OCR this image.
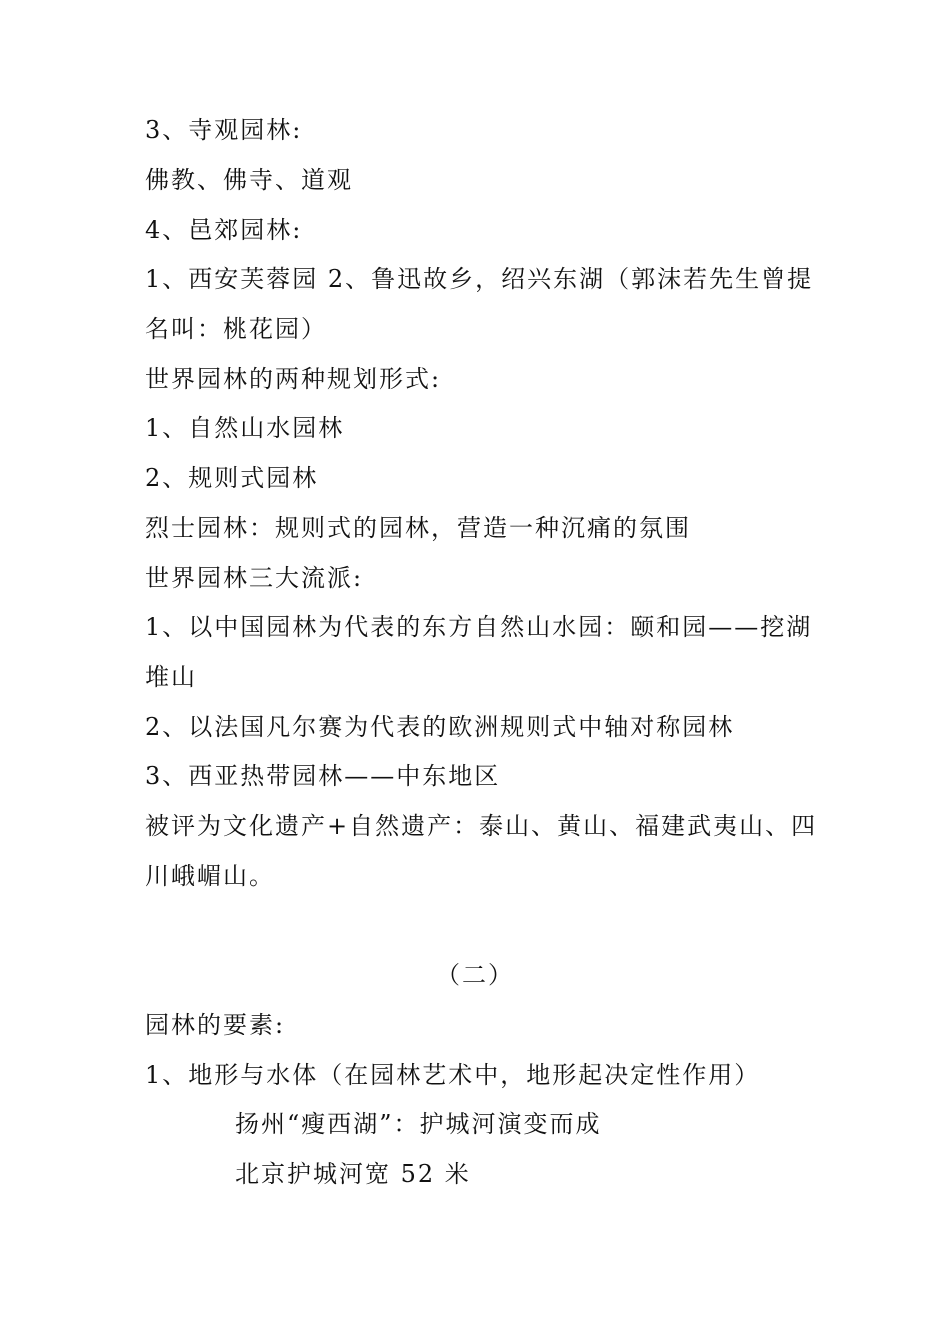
3、寺观园林:
佛教、佛寺、道观
4、邑郊园林:
1、西安芙蓉园 2、鲁迅故乡，绍兴东湖（郭沫若先生曾提
名叫：桃花园）
世界园林的两种规划形式:
1、自然山水园林
2、规则式园林
烈士园林：规则式的园林，营造一种沉痛的氛围
世界园林三大流派:
1、以中国园林为代表的东方自然山水园：颐和园——挖湖
堆山
2、以法国凡尔赛为代表的欧洲规则式中轴对称园林
3、西亚热带园林——中东地区
被评为文化遗产+自然遗产：泰山、黄山、福建武夷山、四
川峨嵋山。
（二）
园林的要素:
1、地形与水体（在园林艺术中，地形起决定性作用）
扬州“瘦西湖”：护城河演变而成
北京护城河宽 52 米
